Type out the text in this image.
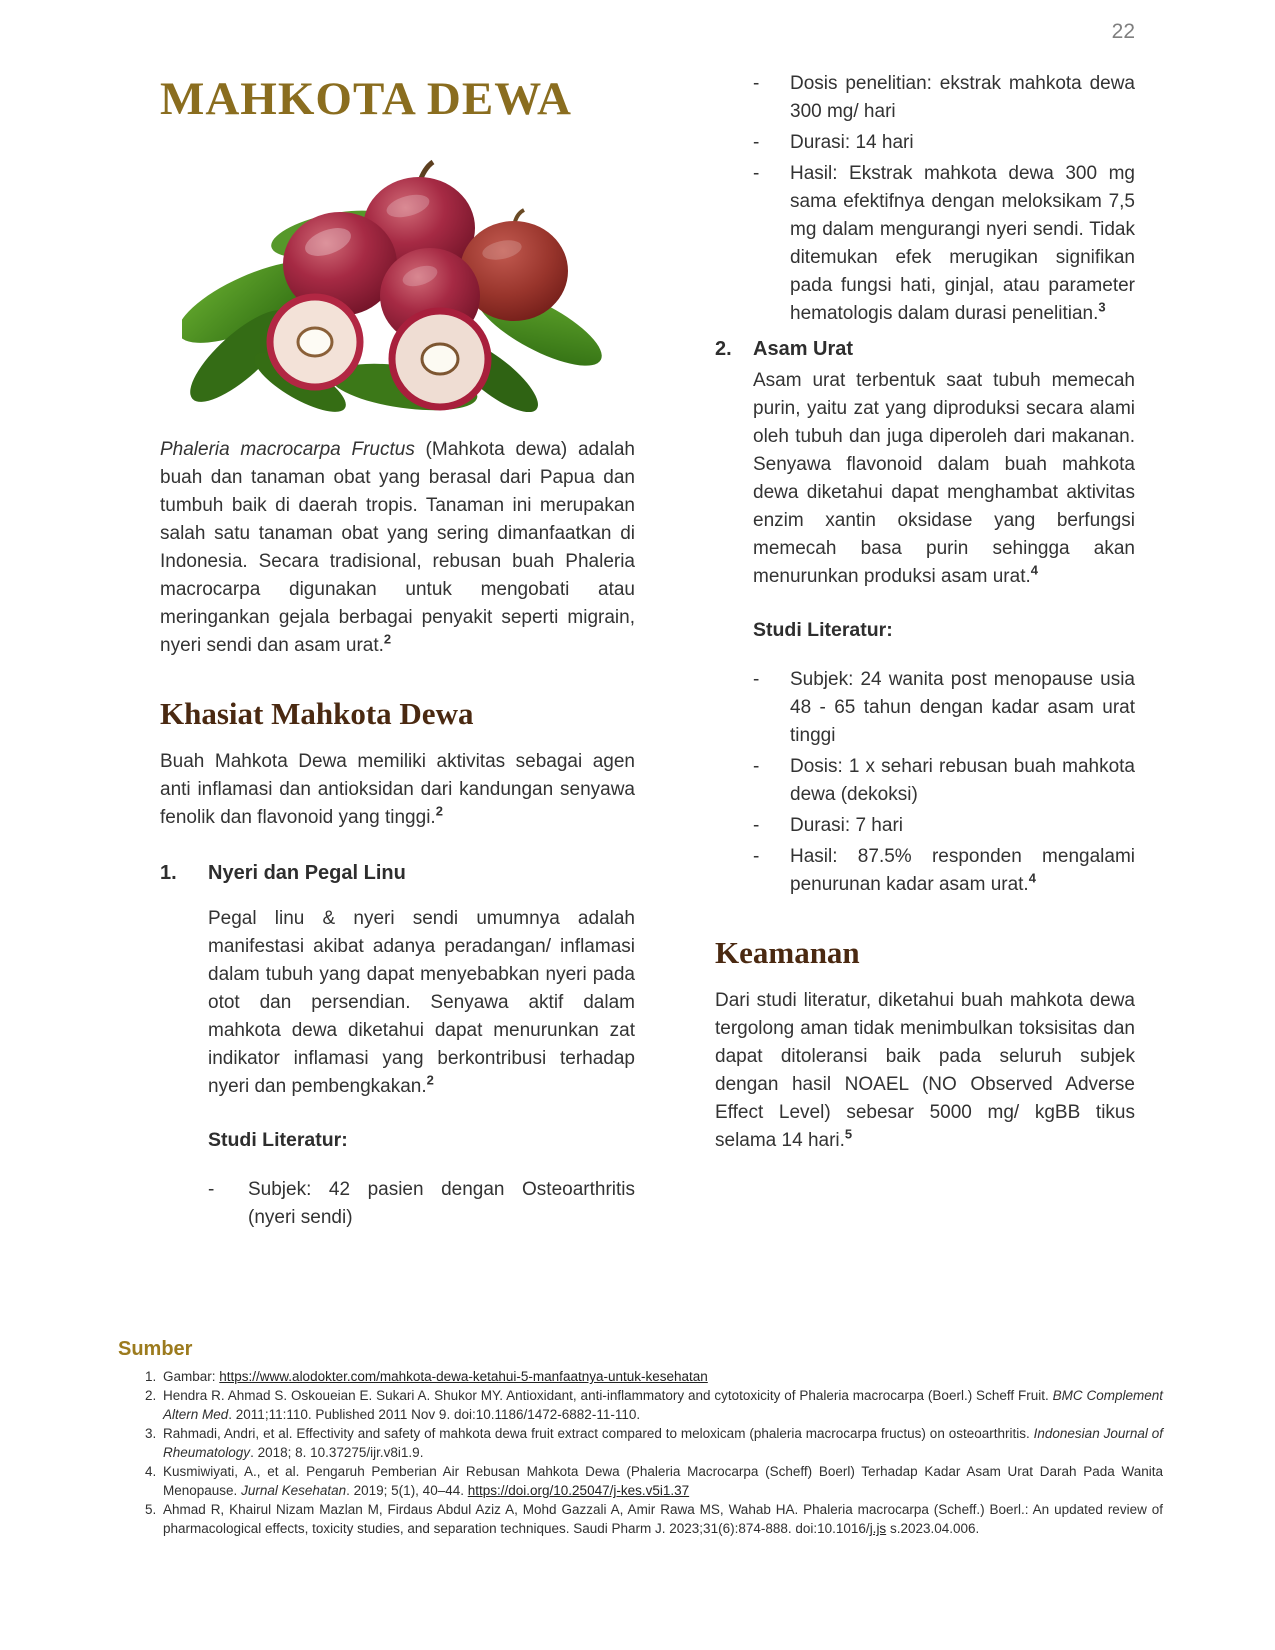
22
MAHKOTA DEWA

Phaleria macrocarpa Fructus (Mahkota dewa) adalah buah dan tanaman obat yang berasal dari Papua dan tumbuh baik di daerah tropis. Tanaman ini merupakan salah satu tanaman obat yang sering dimanfaatkan di Indonesia. Secara tradisional, rebusan buah Phaleria macrocarpa digunakan untuk mengobati atau meringankan gejala berbagai penyakit seperti migrain, nyeri sendi dan asam urat.$^2$

Khasiat Mahkota Dewa

Buah Mahkota Dewa memiliki aktivitas sebagai agen anti inflamasi dan antioksidan dari kandungan senyawa fenolik dan flavonoid yang tinggi.$^2$

1.	Nyeri dan Pegal Linu

Pegal linu & nyeri sendi umumnya adalah manifestasi akibat adanya peradangan/ inflamasi dalam tubuh yang dapat menyebabkan nyeri pada otot dan persendian. Senyawa aktif dalam mahkota dewa diketahui dapat menurunkan zat indikator inflamasi yang berkontribusi terhadap nyeri dan pembengkakan.$^2$

Studi Literatur:
-	Subjek: 42 pasien dengan Osteoarthritis (nyeri sendi)
-	Dosis penelitian: ekstrak mahkota dewa 300 mg/ hari
-	Durasi: 14 hari
-	Hasil: Ekstrak mahkota dewa 300 mg sama efektifnya dengan meloksikam 7,5 mg dalam mengurangi nyeri sendi. Tidak ditemukan efek merugikan signifikan pada fungsi hati, ginjal, atau parameter hematologis dalam durasi penelitian.$^3$
2.	Asam Urat

Asam urat terbentuk saat tubuh memecah purin, yaitu zat yang diproduksi secara alami oleh tubuh dan juga diperoleh dari makanan. Senyawa flavonoid dalam buah mahkota dewa diketahui dapat menghambat aktivitas enzim xantin oksidase yang berfungsi memecah basa purin sehingga akan menurunkan produksi asam urat.$^4$

Studi Literatur:
-	Subjek: 24 wanita post menopause usia 48 - 65 tahun dengan kadar asam urat tinggi
-	Dosis: 1 x sehari rebusan buah mahkota dewa (dekoksi)
-	Durasi: 7 hari
-	Hasil: 87.5% responden mengalami penurunan kadar asam urat.$^4$
Keamanan

Dari studi literatur, diketahui buah mahkota dewa tergolong aman tidak menimbulkan toksisitas dan dapat ditoleransi baik pada seluruh subjek dengan hasil NOAEL (NO Observed Adverse Effect Level) sebesar 5000 mg/ kgBB tikus selama 14 hari.$^5$

Sumber
1. Gambar: https://www.alodokter.com/mahkota-dewa-ketahui-5-manfaatnya-untuk-kesehatan
2. Hendra R. Ahmad S. Oskoueian E. Sukari A. Shukor MY. Antioxidant, anti-inflammatory and cytotoxicity of Phaleria macrocarpa (Boerl.) Scheff Fruit. BMC Complement Altern Med. 2011;11:110. Published 2011 Nov 9. doi:10.1186/1472-6882-11-110.
3. Rahmadi, Andri, et al. Effectivity and safety of mahkota dewa fruit extract compared to meloxicam (phaleria macrocarpa fructus) on osteoarthritis. Indonesian Journal of Rheumatology. 2018; 8. 10.37275/ijr.v8i1.9.
4. Kusmiwiyati, A., et al. Pengaruh Pemberian Air Rebusan Mahkota Dewa (Phaleria Macrocarpa (Scheff) Boerl) Terhadap Kadar Asam Urat Darah Pada Wanita Menopause. Jurnal Kesehatan. 2019; 5(1), 40–44. https://doi.org/10.25047/j-kes.v5i1.37
5. Ahmad R, Khairul Nizam Mazlan M, Firdaus Abdul Aziz A, Mohd Gazzali A, Amir Rawa MS, Wahab HA. Phaleria macrocarpa (Scheff.) Boerl.: An updated review of pharmacological effects, toxicity studies, and separation techniques. Saudi Pharm J. 2023;31(6):874-888. doi:10.1016/j.js s.2023.04.006.
